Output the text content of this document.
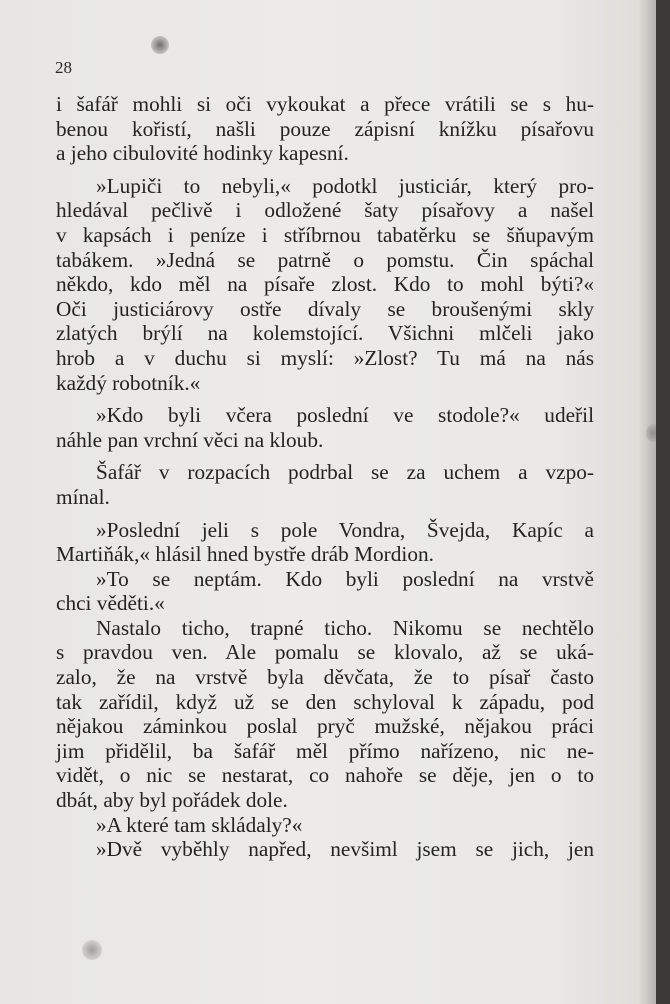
28
i šafář mohli si oči vykoukat a přece vrátili se s hu-
benou kořistí, našli pouze zápisní knížku písařovu
a jeho cibulovité hodinky kapesní.
»Lupiči to nebyli,« podotkl justiciár, který pro-
hledával pečlivě i odložené šaty písařovy a našel
v kapsách i peníze i stříbrnou tabatěrku se šňupavým
tabákem. »Jedná se patrně o pomstu. Čin spáchal
někdo, kdo měl na písaře zlost. Kdo to mohl býti?«
Oči justiciárovy ostře dívaly se broušenými skly
zlatých brýlí na kolemstojící. Všichni mlčeli jako
hrob a v duchu si myslí: »Zlost? Tu má na nás
každý robotník.«
»Kdo byli včera poslední ve stodole?« udeřil
náhle pan vrchní věci na kloub.
Šafář v rozpacích podrbal se za uchem a vzpo-
mínal.
»Poslední jeli s pole Vondra, Švejda, Kapíc a
Martiňák,« hlásil hned bystře dráb Mordion.
»To se neptám. Kdo byli poslední na vrstvě
chci věděti.«
Nastalo ticho, trapné ticho. Nikomu se nechtělo
s pravdou ven. Ale pomalu se klovalo, až se uká-
zalo, že na vrstvě byla děvčata, že to písař často
tak zařídil, když už se den schyloval k západu, pod
nějakou záminkou poslal pryč mužské, nějakou práci
jim přidělil, ba šafář měl přímo nařízeno, nic ne-
vidět, o nic se nestarat, co nahoře se děje, jen o to
dbát, aby byl pořádek dole.
»A které tam skládaly?«
»Dvě vyběhly napřed, nevšiml jsem se jich, jen
